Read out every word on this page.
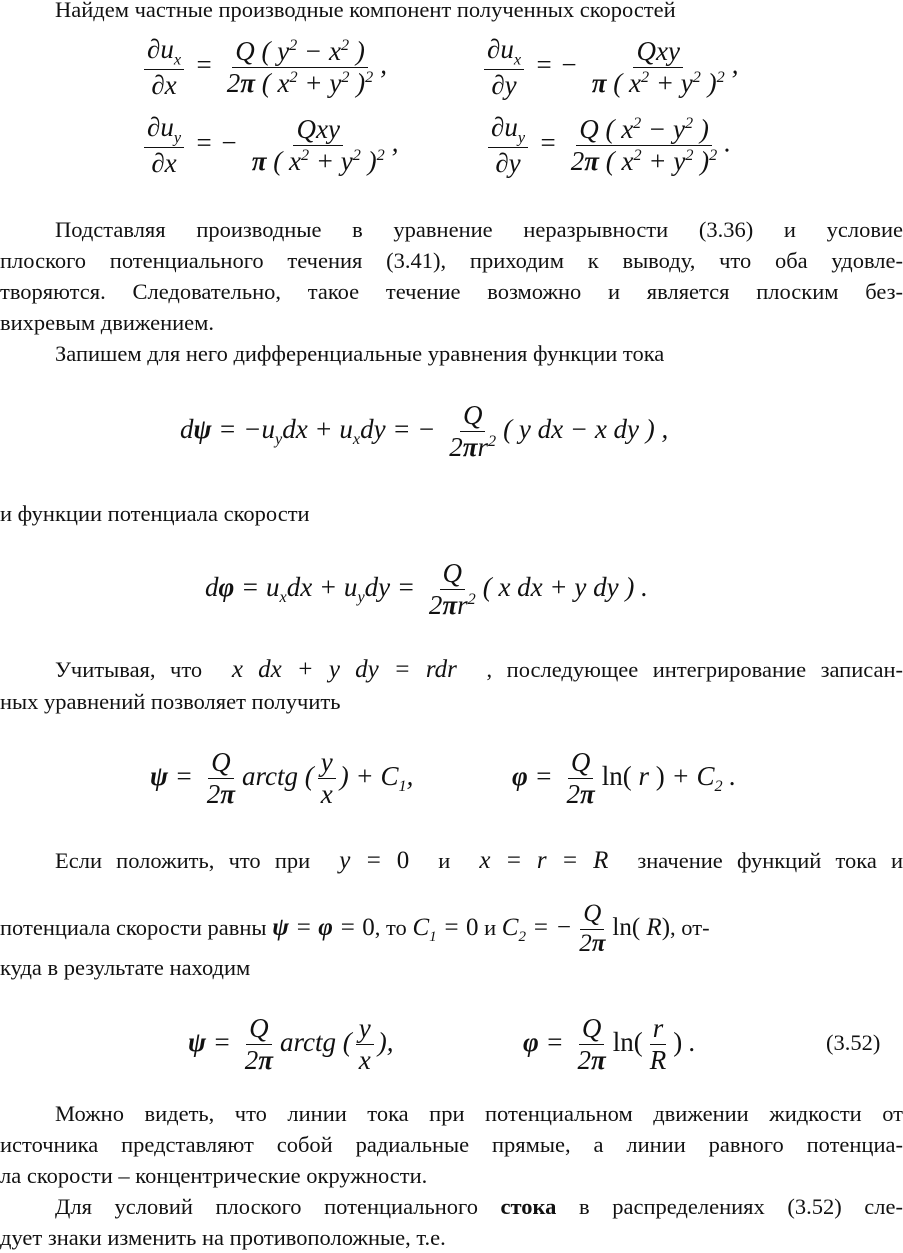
Найдем частные производные компонент полученных скоростей
$\frac{\partial u_x}{\partial x} = \frac{Q ( y^2 - x^2 )}{2\pi ( x^2 + y^2 )^2}$ ,	$\frac{\partial u_x}{\partial y}$ = − $\frac{\text{Qxy}}{\pi ( x^2 + y^2 )^2}$ ,
$\frac{\partial u_y}{\partial x}$ = − $\frac{\text{Qxy}}{\pi ( x^2 + y^2 )^2}$ ,	$\frac{\partial u_y}{\partial y} = \frac{Q ( x^2 - y^2 )}{2\pi ( x^2 + y^2 )^2}$ .
Подставляя производные в уравнение неразрывности (3.36) и условие
плоского потенциального течения (3.41), приходим к выводу, что оба удовле-
творяются. Следовательно, такое течение возможно и является плоским без-
вихревым движением.
Запишем для него дифференциальные уравнения функции тока
$d\psi = -u_ydx + u_xdy$ = − $\frac{Q}{2\pi r^2}$ ( y dx − x dy ) ,
и функции потенциала скорости
$d\varphi = u_xdx + u_ydy = \frac{Q}{2\pi r^2}$ ( x dx + y dy ) .
Учитывая, что  x dx + y dy = rdr  , последующее интегрирование записан-
ных уравнений позволяет получить
$\psi = \frac{Q}{2\pi}$ arctg ( $\frac{y}{x}$ ) + $C_1$,	$\varphi = \frac{Q}{2\pi} \ln$( r ) + $C_2$ .
Если положить, что при  y = 0 и  x = r = R  значение функций тока и
потенциала скорости равны ψ = φ = 0, то $C_1 = 0$ и $C_2$ = − $\frac{Q}{2\pi} \ln$( R), от-
куда в результате находим
$\psi = \frac{Q}{2\pi}$ arctg ( $\frac{y}{x}$ ),	$\varphi = \frac{Q}{2\pi} \ln( \frac{r}{R}$ ) .	(3.52)
Можно видеть, что линии тока при потенциальном движении жидкости от
источника представляют собой радиальные прямые, а линии равного потенциа-
ла скорости – концентрические окружности.
Для условий плоского потенциального стока в распределениях (3.52) сле-
дует знаки изменить на противоположные, т.е.
